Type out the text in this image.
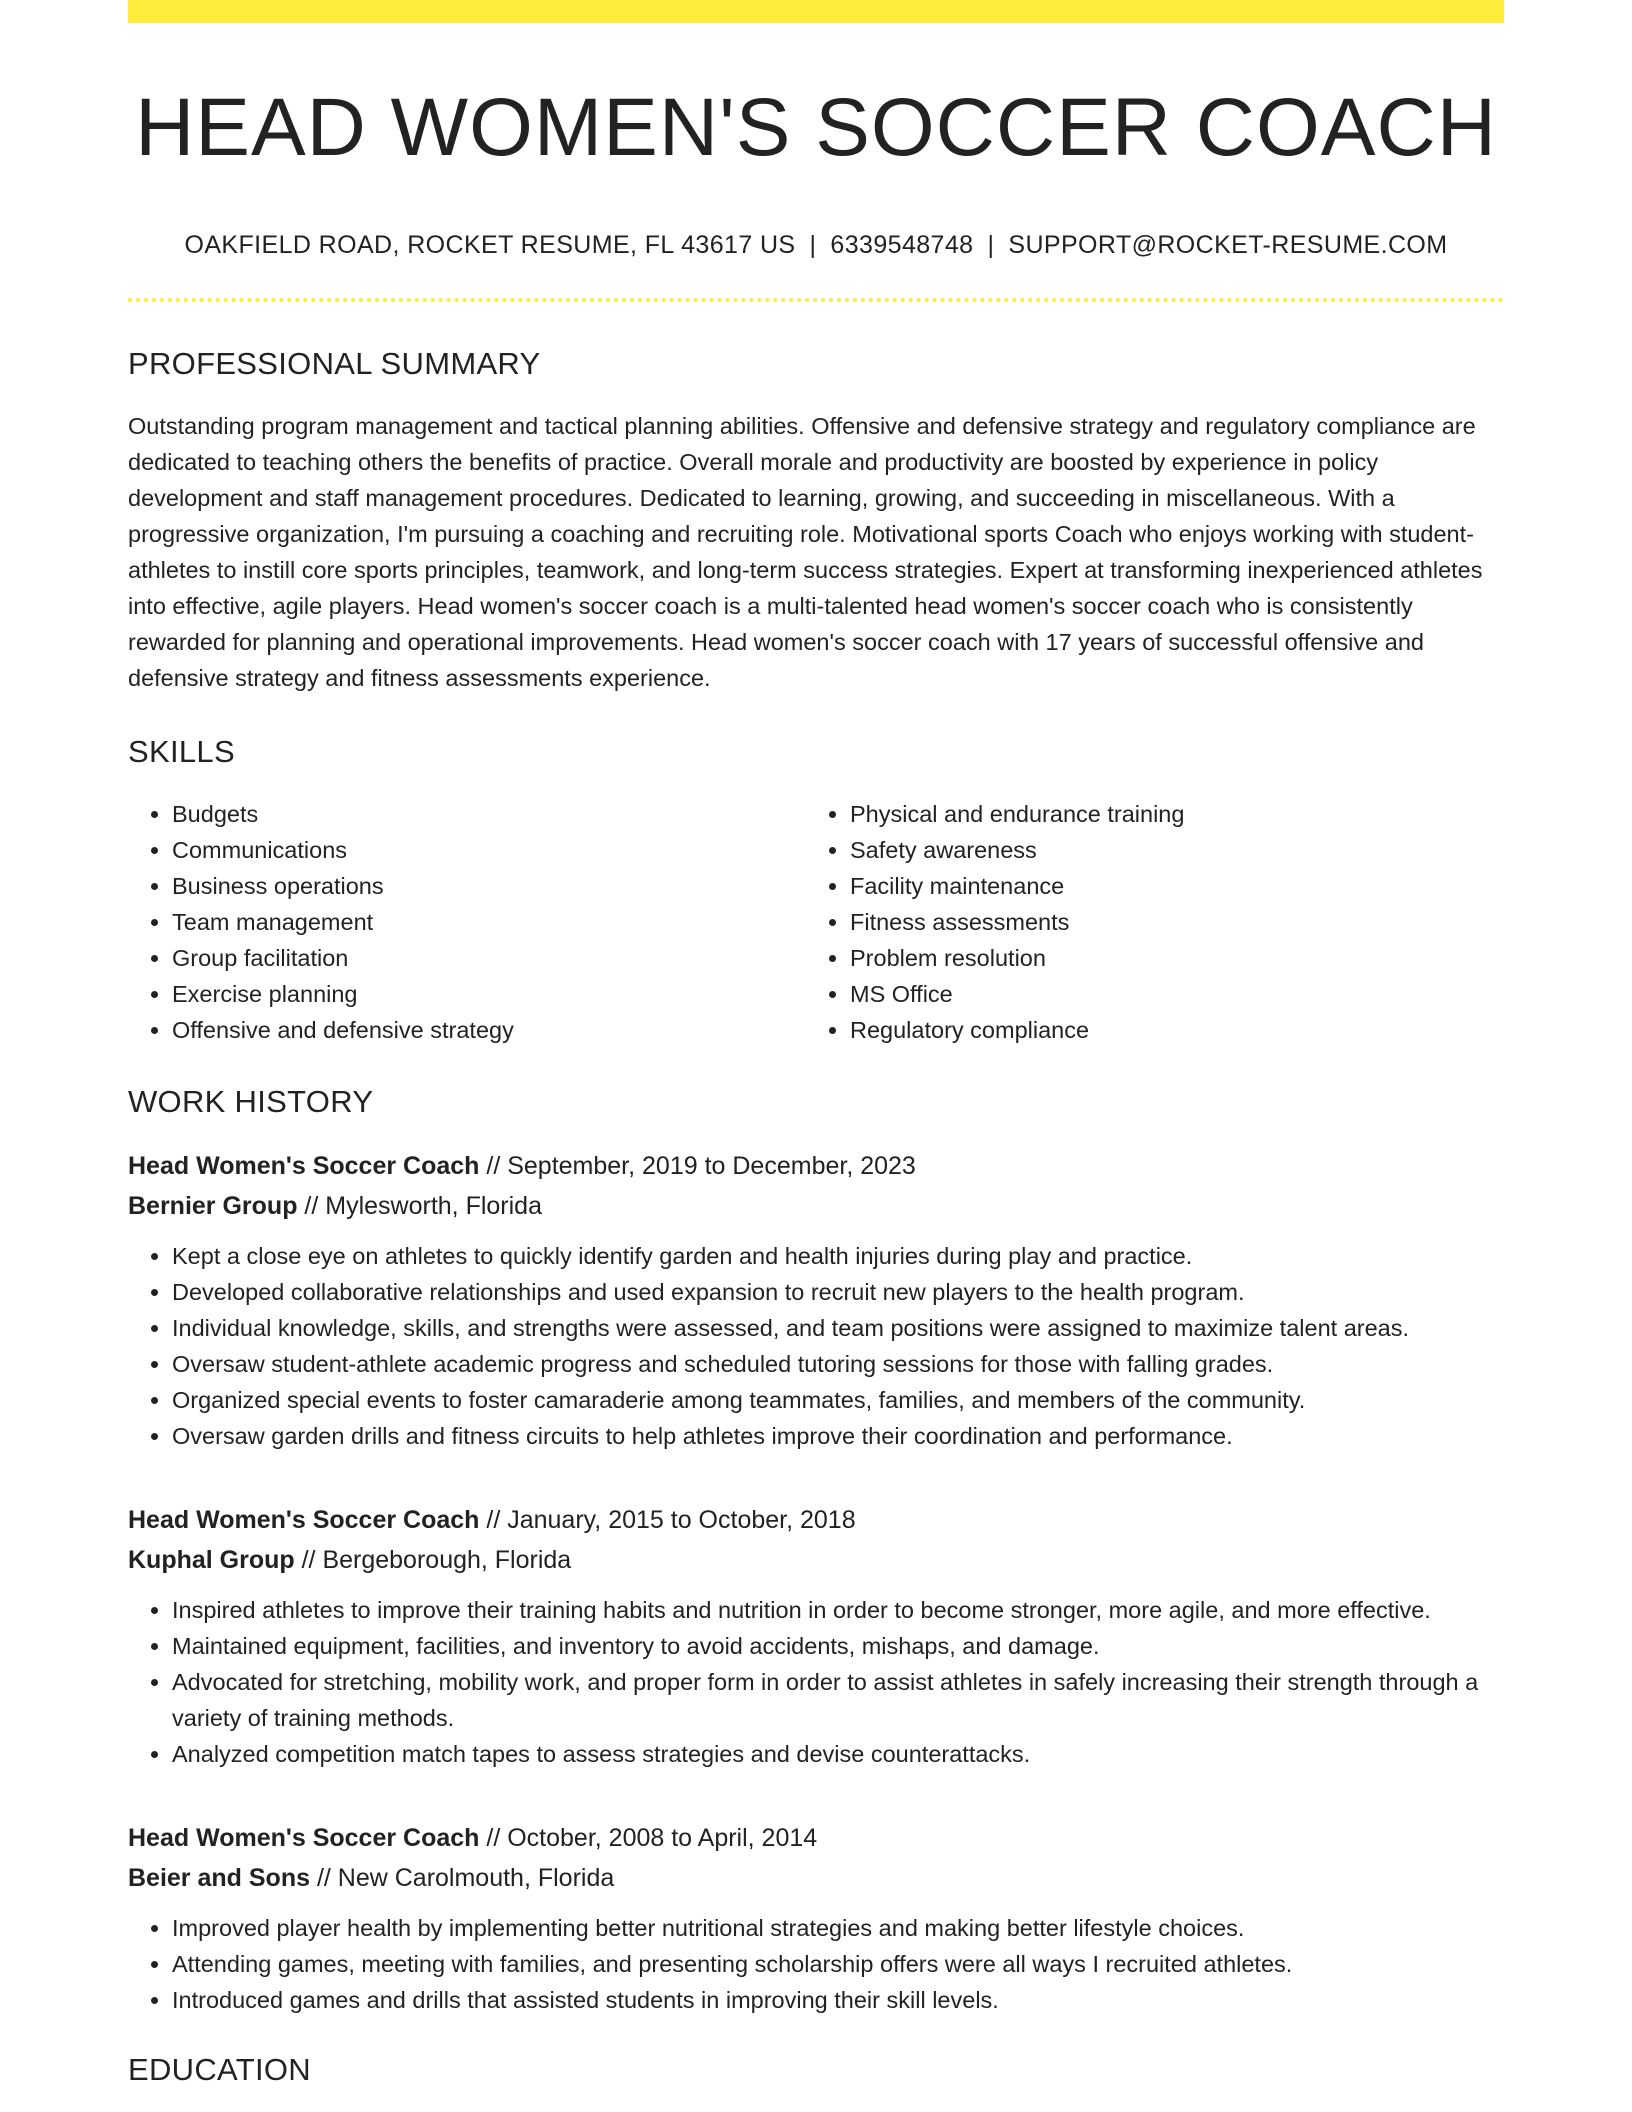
HEAD WOMEN'S SOCCER COACH
OAKFIELD ROAD, ROCKET RESUME, FL 43617 US | 6339548748 | SUPPORT@ROCKET-RESUME.COM
PROFESSIONAL SUMMARY

Outstanding program management and tactical planning abilities. Offensive and defensive strategy and regulatory compliance are dedicated to teaching others the benefits of practice. Overall morale and productivity are boosted by experience in policy development and staff management procedures. Dedicated to learning, growing, and succeeding in miscellaneous. With a progressive organization, I'm pursuing a coaching and recruiting role. Motivational sports Coach who enjoys working with student-athletes to instill core sports principles, teamwork, and long-term success strategies. Expert at transforming inexperienced athletes into effective, agile players. Head women's soccer coach is a multi-talented head women's soccer coach who is consistently rewarded for planning and operational improvements. Head women's soccer coach with 17 years of successful offensive and defensive strategy and fitness assessments experience.

SKILLS
• Budgets
• Communications
• Business operations
• Team management
• Group facilitation
• Exercise planning
• Offensive and defensive strategy
• Physical and endurance training
• Safety awareness
• Facility maintenance
• Fitness assessments
• Problem resolution
• MS Office
• Regulatory compliance
WORK HISTORY
Head Women's Soccer Coach // September, 2019 to December, 2023
Bernier Group // Mylesworth, Florida
• Kept a close eye on athletes to quickly identify garden and health injuries during play and practice.
• Developed collaborative relationships and used expansion to recruit new players to the health program.
• Individual knowledge, skills, and strengths were assessed, and team positions were assigned to maximize talent areas.
• Oversaw student-athlete academic progress and scheduled tutoring sessions for those with falling grades.
• Organized special events to foster camaraderie among teammates, families, and members of the community.
• Oversaw garden drills and fitness circuits to help athletes improve their coordination and performance.
Head Women's Soccer Coach // January, 2015 to October, 2018
Kuphal Group // Bergeborough, Florida
• Inspired athletes to improve their training habits and nutrition in order to become stronger, more agile, and more effective.
• Maintained equipment, facilities, and inventory to avoid accidents, mishaps, and damage.
• Advocated for stretching, mobility work, and proper form in order to assist athletes in safely increasing their strength through a variety of training methods.
• Analyzed competition match tapes to assess strategies and devise counterattacks.
Head Women's Soccer Coach // October, 2008 to April, 2014
Beier and Sons // New Carolmouth, Florida
• Improved player health by implementing better nutritional strategies and making better lifestyle choices.
• Attending games, meeting with families, and presenting scholarship offers were all ways I recruited athletes.
• Introduced games and drills that assisted students in improving their skill levels.
EDUCATION
